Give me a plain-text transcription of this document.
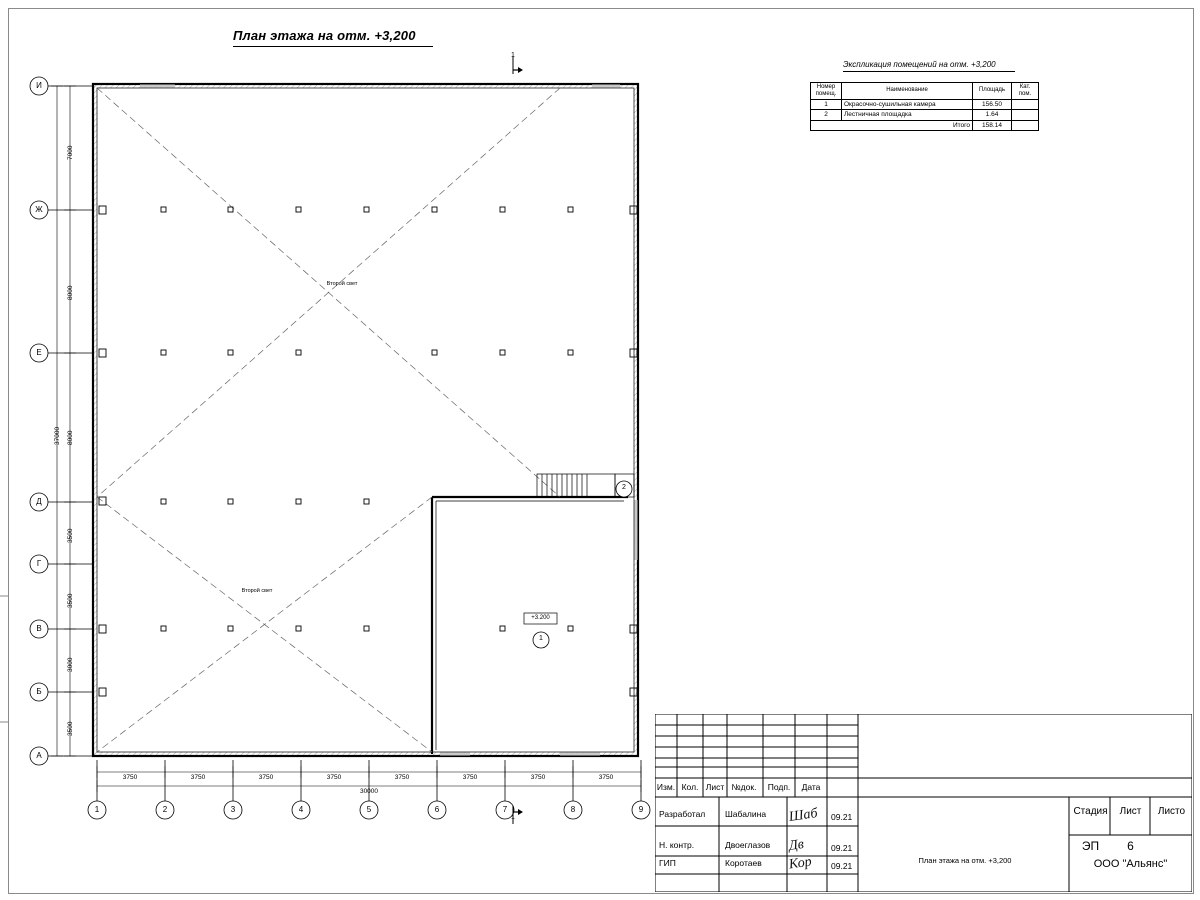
План этажа на отм. +3,200
Экспликация помещений на отм. +3,200
Номер помещ.	Наименование	Площадь	Кат. пом.
1	Окрасочно-сушильная камера	156.50	
2	Лестничная площадка	1.64	
Итого		158.14	
И
Ж
Е
Д
Г
В
Б
А
1	2	3	4	5	6	7	8	9
3750	3750	3750	3750	3750	3750	3750	3750
30000
7000
8000
8000
3500
3500
3000
3500
37000
Второй свет
Второй свет
+3.200
1
2
1
1
Изм. Кол. Лист №док.	Подп.	Дата
Разработал Шабалина Шаб 09.21
Н. контр.	Двоеглазов Дв	09.21
ГИП	Коротаев Кор 09.21
План этажа на отм. +3,200
Стадия	Лист	Листо
ЭП	6
ООО "Альянс"
